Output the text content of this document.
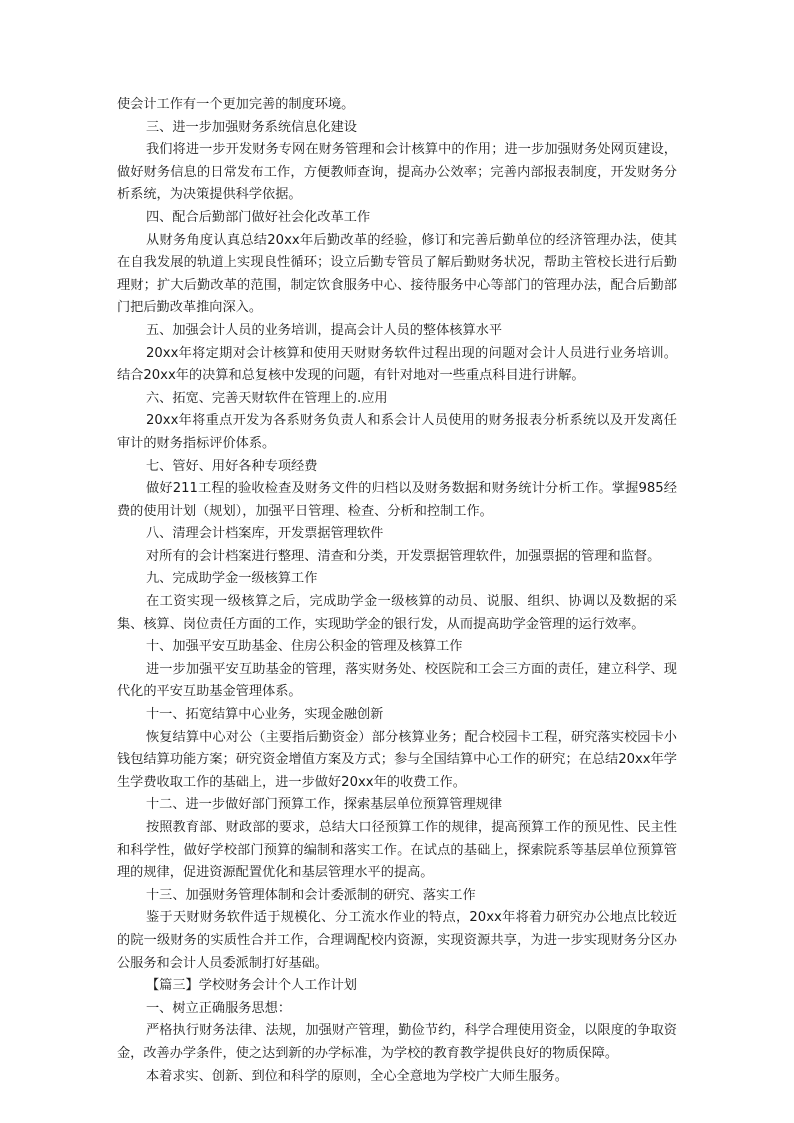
使会计工作有一个更加完善的制度环境。

三、进一步加强财务系统信息化建设

我们将进一步开发财务专网在财务管理和会计核算中的作用；进一步加强财务处网页建设，做好财务信息的日常发布工作，方便教师查询，提高办公效率；完善内部报表制度，开发财务分析系统，为决策提供科学依据。

四、配合后勤部门做好社会化改革工作

从财务角度认真总结20xx年后勤改革的经验，修订和完善后勤单位的经济管理办法，使其在自我发展的轨道上实现良性循环；设立后勤专管员了解后勤财务状况，帮助主管校长进行后勤理财；扩大后勤改革的范围，制定饮食服务中心、接待服务中心等部门的管理办法，配合后勤部门把后勤改革推向深入。

五、加强会计人员的业务培训，提高会计人员的整体核算水平

20xx年将定期对会计核算和使用天财财务软件过程出现的问题对会计人员进行业务培训。结合20xx年的决算和总复核中发现的问题，有针对地对一些重点科目进行讲解。

六、拓宽、完善天财软件在管理上的.应用

20xx年将重点开发为各系财务负责人和系会计人员使用的财务报表分析系统以及开发离任审计的财务指标评价体系。

七、管好、用好各种专项经费

做好211工程的验收检查及财务文件的归档以及财务数据和财务统计分析工作。掌握985经费的使用计划（规划），加强平日管理、检查、分析和控制工作。

八、清理会计档案库，开发票据管理软件

对所有的会计档案进行整理、清查和分类，开发票据管理软件，加强票据的管理和监督。

九、完成助学金一级核算工作

在工资实现一级核算之后，完成助学金一级核算的动员、说服、组织、协调以及数据的采集、核算、岗位责任方面的工作，实现助学金的银行发，从而提高助学金管理的运行效率。

十、加强平安互助基金、住房公积金的管理及核算工作

进一步加强平安互助基金的管理，落实财务处、校医院和工会三方面的责任，建立科学、现代化的平安互助基金管理体系。

十一、拓宽结算中心业务，实现金融创新

恢复结算中心对公（主要指后勤资金）部分核算业务；配合校园卡工程，研究落实校园卡小钱包结算功能方案；研究资金增值方案及方式；参与全国结算中心工作的研究；在总结20xx年学生学费收取工作的基础上，进一步做好20xx年的收费工作。

十二、进一步做好部门预算工作，探索基层单位预算管理规律

按照教育部、财政部的要求，总结大口径预算工作的规律，提高预算工作的预见性、民主性和科学性，做好学校部门预算的编制和落实工作。在试点的基础上，探索院系等基层单位预算管理的规律，促进资源配置优化和基层管理水平的提高。

十三、加强财务管理体制和会计委派制的研究、落实工作

鉴于天财财务软件适于规模化、分工流水作业的特点，20xx年将着力研究办公地点比较近的院一级财务的实质性合并工作，合理调配校内资源，实现资源共享，为进一步实现财务分区办公服务和会计人员委派制打好基础。

【篇三】学校财务会计个人工作计划

一、树立正确服务思想：

严格执行财务法律、法规，加强财产管理，勤俭节约，科学合理使用资金，以限度的争取资金，改善办学条件，使之达到新的办学标准，为学校的教育教学提供良好的物质保障。

本着求实、创新、到位和科学的原则，全心全意地为学校广大师生服务。
